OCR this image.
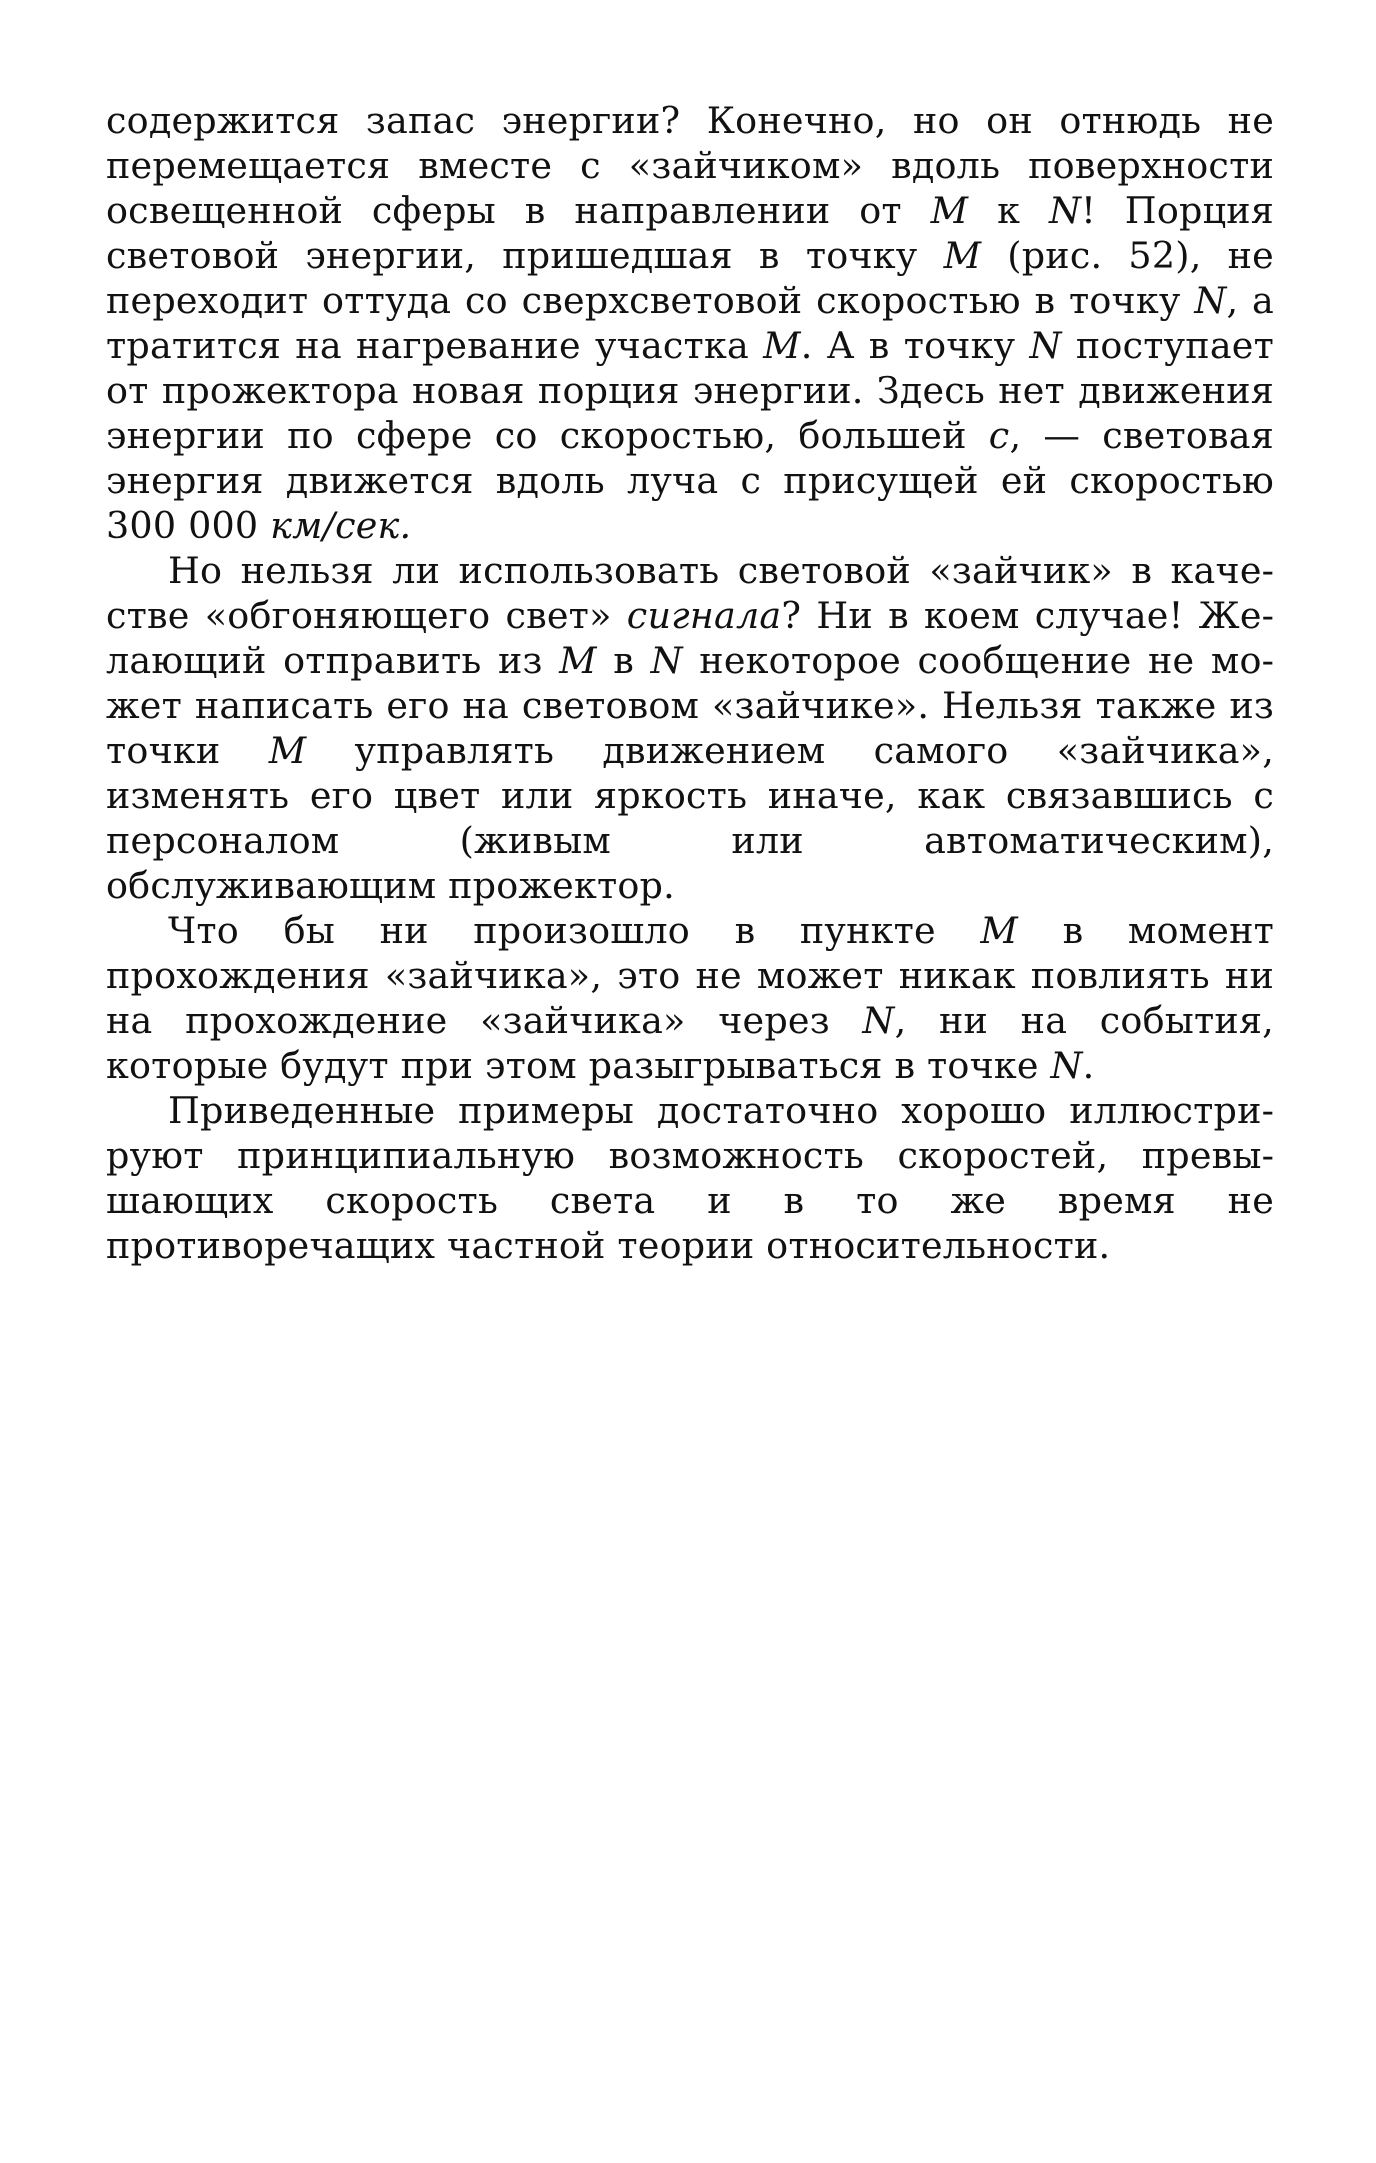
содержится запас энергии? Конечно, но он отнюдь не перемещается вместе с «зайчиком» вдоль поверхности освещенной сферы в направлении от М к N! Порция световой энергии, пришедшая в точку М (рис. 52), не переходит оттуда со сверхсветовой скоростью в точку N, а тратится на нагревание участка М. А в точку N поступает от прожектора новая порция энергии. Здесь нет движения энергии по сфере со скоростью, большей с, — световая энергия движется вдоль луча с присущей ей скоростью 300 000 км/сек.

Но нельзя ли использовать световой «зайчик» в качестве «обгоняющего свет» сигнала? Ни в коем случае! Желающий отправить из М в N некоторое сообщение не может написать его на световом «зайчике». Нельзя также из точки М управлять движением самого «зайчика», изменять его цвет или яркость иначе, как связавшись с персоналом (живым или автоматическим), обслуживающим прожектор.

Что бы ни произошло в пункте М в момент прохождения «зайчика», это не может никак повлиять ни на прохождение «зайчика» через N, ни на события, которые будут при этом разыгрываться в точке N.

Приведенные примеры достаточно хорошо иллюстрируют принципиальную возможность скоростей, превышающих скорость света и в то же время не противоречащих частной теории относительности.
